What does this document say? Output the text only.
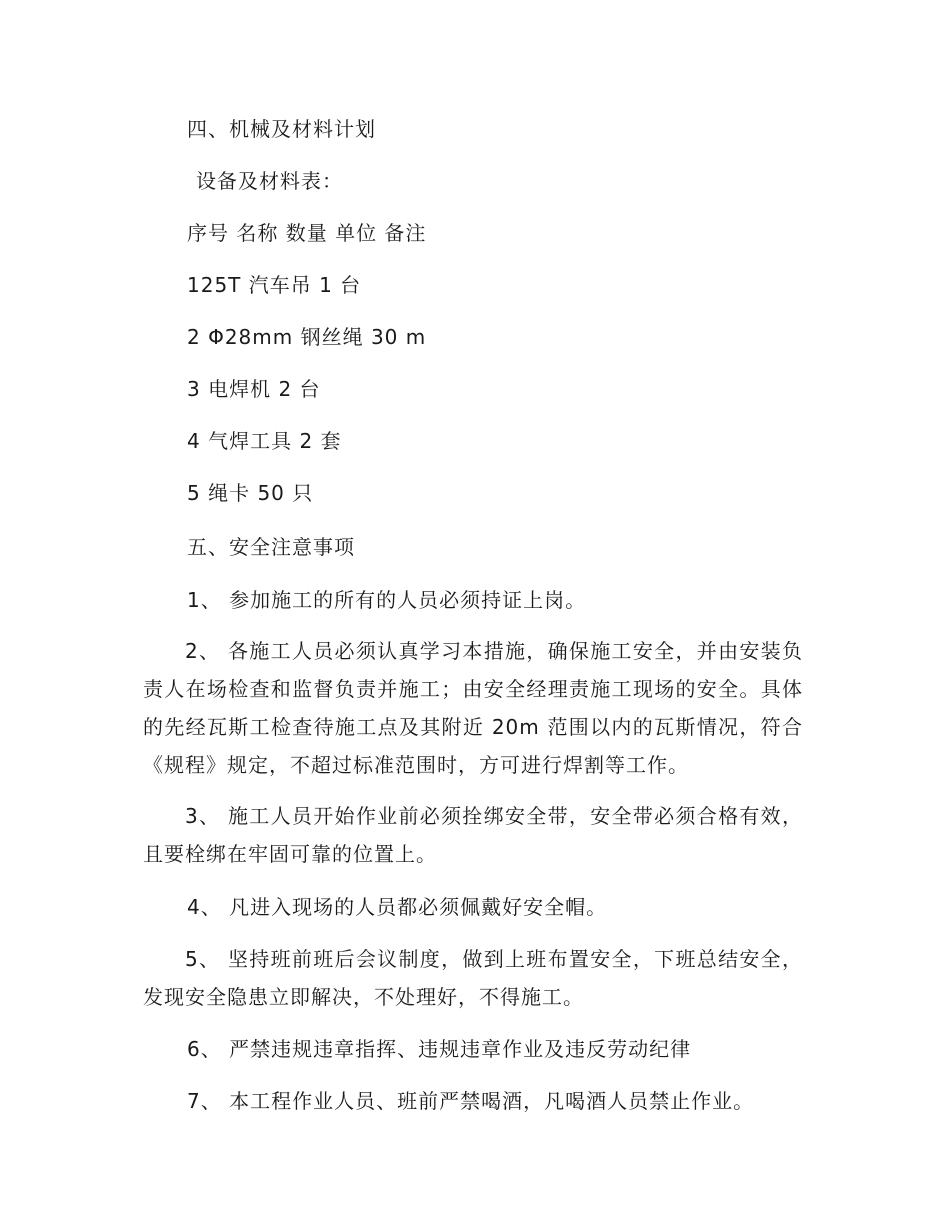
四、机械及材料计划
设备及材料表：
序号 名称 数量 单位 备注
125T 汽车吊 1 台
2 Φ28mm 钢丝绳 30 m
3 电焊机 2 台
4 气焊工具 2 套
5 绳卡 50 只
五、安全注意事项
1、 参加施工的所有的人员必须持证上岗。
2、 各施工人员必须认真学习本措施，确保施工安全，并由安装负责人在场检查和监督负责并施工；由安全经理责施工现场的安全。具体的先经瓦斯工检查待施工点及其附近 20m 范围以内的瓦斯情况，符合《规程》规定，不超过标准范围时，方可进行焊割等工作。
3、 施工人员开始作业前必须拴绑安全带，安全带必须合格有效，且要栓绑在牢固可靠的位置上。
4、 凡进入现场的人员都必须佩戴好安全帽。
5、 坚持班前班后会议制度，做到上班布置安全，下班总结安全，发现安全隐患立即解决，不处理好，不得施工。
6、 严禁违规违章指挥、违规违章作业及违反劳动纪律
7、 本工程作业人员、班前严禁喝酒，凡喝酒人员禁止作业。
